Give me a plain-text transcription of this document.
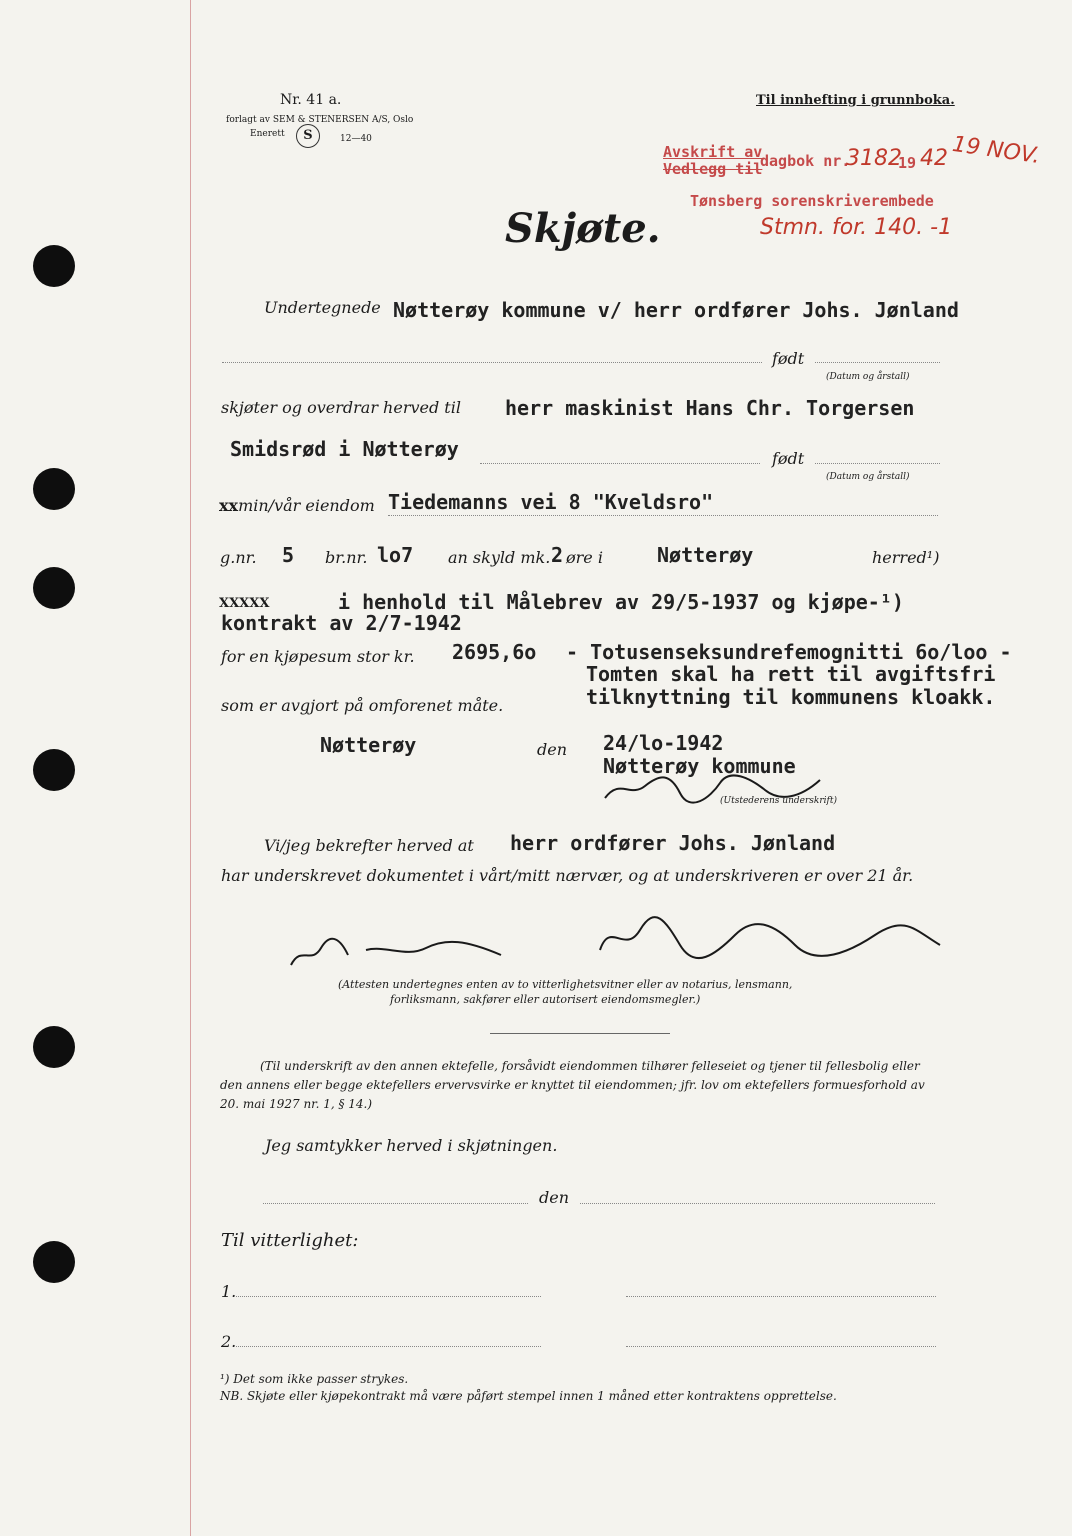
Nr. 41 a.
forlagt av SEM & STENERSEN A/S, Oslo
Enerett	S	12—40
Til innhefting i grunnboka.
Avskrift av
Vedlegg til
dagbok nr.
3182
19 42 19 NOV.
Tønsberg sorenskriverembede
Stmn. for. 140. -1
Skjøte.
Undertegnede Nøtterøy kommune v/ herr ordfører Johs. Jønland
født
(Datum og årstall)
skjøter og overdrar herved til herr maskinist Hans Chr. Torgersen
Smidsrød i Nøtterøy	født
(Datum og årstall)
xxmin/vår eiendom Tiedemanns vei 8 "Kveldsro"
g.nr. 5 br.nr. lo7 an skyld mk. 2 øre i	Nøtterøy	herred¹)
XXXXX	i henhold til Målebrev av 29/5-1937 og kjøpe-¹)
kontrakt av 2/7-1942
for en kjøpesum stor kr. 2695,6o - Totusenseksundrefemognitti 6o/loo -
Tomten skal ha rett til avgiftsfri
tilknyttning til kommunens kloakk.
som er avgjort på omforenet måte.
Nøtterøy	den 24/lo-1942
Nøtterøy kommune
(Utstederens underskrift)
Vi/jeg bekrefter herved at herr ordfører Johs. Jønland
har underskrevet dokumentet i vårt/mitt nærvær, og at underskriveren er over 21 år.
(Attesten undertegnes enten av to vitterlighetsvitner eller av notarius, lensmann,
forliksmann, sakfører eller autorisert eiendomsmegler.)
(Til underskrift av den annen ektefelle, forsåvidt eiendommen tilhører felleseiet og tjener til fellesbolig eller den annens eller begge ektefellers ervervsvirke er knyttet til eiendommen; jfr. lov om ektefellers formuesforhold av 20. mai 1927 nr. 1, § 14.)
Jeg samtykker herved i skjøtningen.
den
Til vitterlighet:
1.
2.
¹) Det som ikke passer strykes.
NB. Skjøte eller kjøpekontrakt må være påført stempel innen 1 måned etter kontraktens opprettelse.
